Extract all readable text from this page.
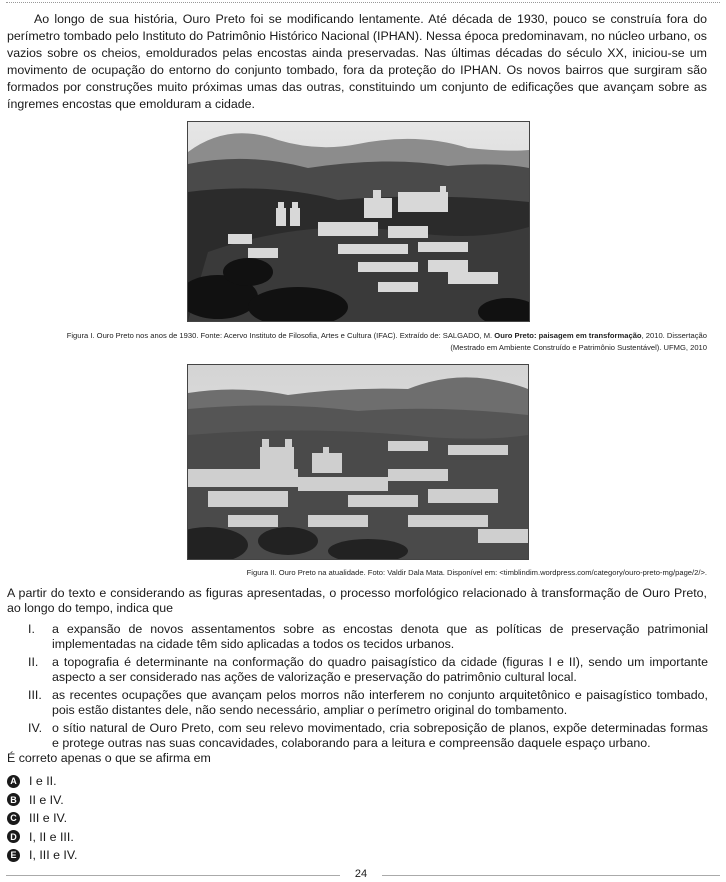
Ao longo de sua história, Ouro Preto foi se modificando lentamente. Até década de 1930, pouco se construía fora do perímetro tombado pelo Instituto do Patrimônio Histórico Nacional (IPHAN). Nessa época predominavam, no núcleo urbano, os vazios sobre os cheios, emoldurados pelas encostas ainda preservadas. Nas últimas décadas do século XX, iniciou-se um movimento de ocupação do entorno do conjunto tombado, fora da proteção do IPHAN. Os novos bairros que surgiram são formados por construções muito próximas umas das outras, constituindo um conjunto de edificações que avançam sobre as íngremes encostas que emolduram a cidade.

Figura I. Ouro Preto nos anos de 1930. Fonte: Acervo Instituto de Filosofia, Artes e Cultura (IFAC). Extraído de: SALGADO, M. Ouro Preto: paisagem em transformação, 2010. Dissertação (Mestrado em Ambiente Construído e Patrimônio Sustentável). UFMG, 2010

Figura II. Ouro Preto na atualidade. Foto: Valdir Dala Mata. Disponível em: <timblindim.wordpress.com/category/ouro-preto-mg/page/2/>.

A partir do texto e considerando as figuras apresentadas, o processo morfológico relacionado à transformação de Ouro Preto, ao longo do tempo, indica que

I.	a expansão de novos assentamentos sobre as encostas denota que as políticas de preservação patrimonial implementadas na cidade têm sido aplicadas a todos os tecidos urbanos.
II.	a topografia é determinante na conformação do quadro paisagístico da cidade (figuras I e II), sendo um importante aspecto a ser considerado nas ações de valorização e preservação do patrimônio cultural local.
III. as recentes ocupações que avançam pelos morros não interferem no conjunto arquitetônico e paisagístico tombado, pois estão distantes dele, não sendo necessário, ampliar o perímetro original do tombamento.
IV. o sítio natural de Ouro Preto, com seu relevo movimentado, cria sobreposição de planos, expõe determinadas formas e protege outras nas suas concavidades, colaborando para a leitura e compreensão daquele espaço urbano.

É correto apenas o que se afirma em

A I e II.
B II e IV.
C III e IV.
D I, II e III.
E I, III e IV.
24
